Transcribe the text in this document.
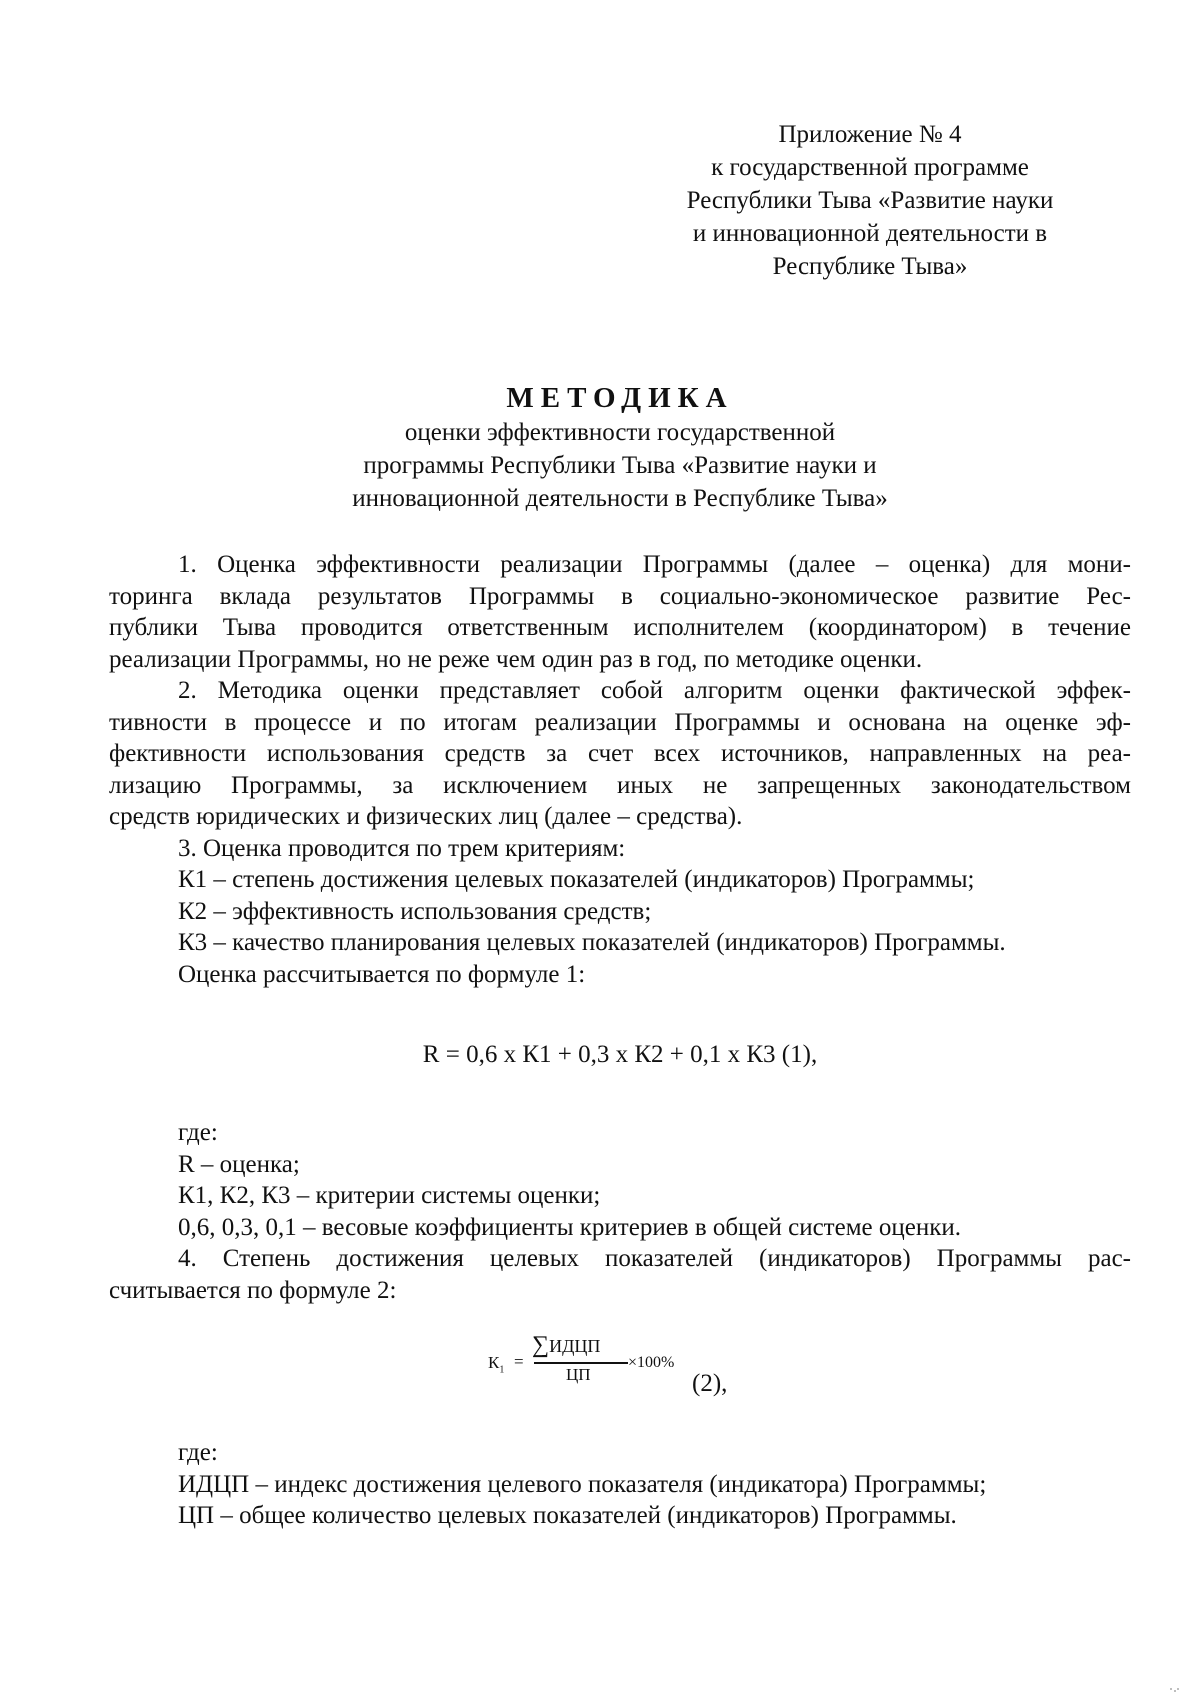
Приложение № 4
к государственной программе
Республики Тыва «Развитие науки
и инновационной деятельности в
Республике Тыва»
МЕТОДИКА
оценки эффективности государственной
программы Республики Тыва «Развитие науки и
инновационной деятельности в Республике Тыва»
1. Оценка эффективности реализации Программы (далее – оценка) для мони-
торинга вклада результатов Программы в социально-экономическое развитие Рес-
публики Тыва проводится ответственным исполнителем (координатором) в течение
реализации Программы, но не реже чем один раз в год, по методике оценки.
2. Методика оценки представляет собой алгоритм оценки фактической эффек-
тивности в процессе и по итогам реализации Программы и основана на оценке эф-
фективности использования средств за счет всех источников, направленных на реа-
лизацию Программы, за исключением иных не запрещенных законодательством
средств юридических и физических лиц (далее – средства).
3. Оценка проводится по трем критериям:
К1 – степень достижения целевых показателей (индикаторов) Программы;
К2 – эффективность использования средств;
К3 – качество планирования целевых показателей (индикаторов) Программы.
Оценка рассчитывается по формуле 1:
R = 0,6 х К1 + 0,3 х К2 + 0,1 х К3 (1),
где:
R – оценка;
К1, К2, К3 – критерии системы оценки;
0,6, 0,3, 0,1 – весовые коэффициенты критериев в общей системе оценки.
4. Степень достижения целевых показателей (индикаторов) Программы рас-
считывается по формуле 2:
$К_1$ =
∑ИДЦП
ЦП
×100%
(2),
где:
ИДЦП – индекс достижения целевого показателя (индикатора) Программы;
ЦП – общее количество целевых показателей (индикаторов) Программы.
